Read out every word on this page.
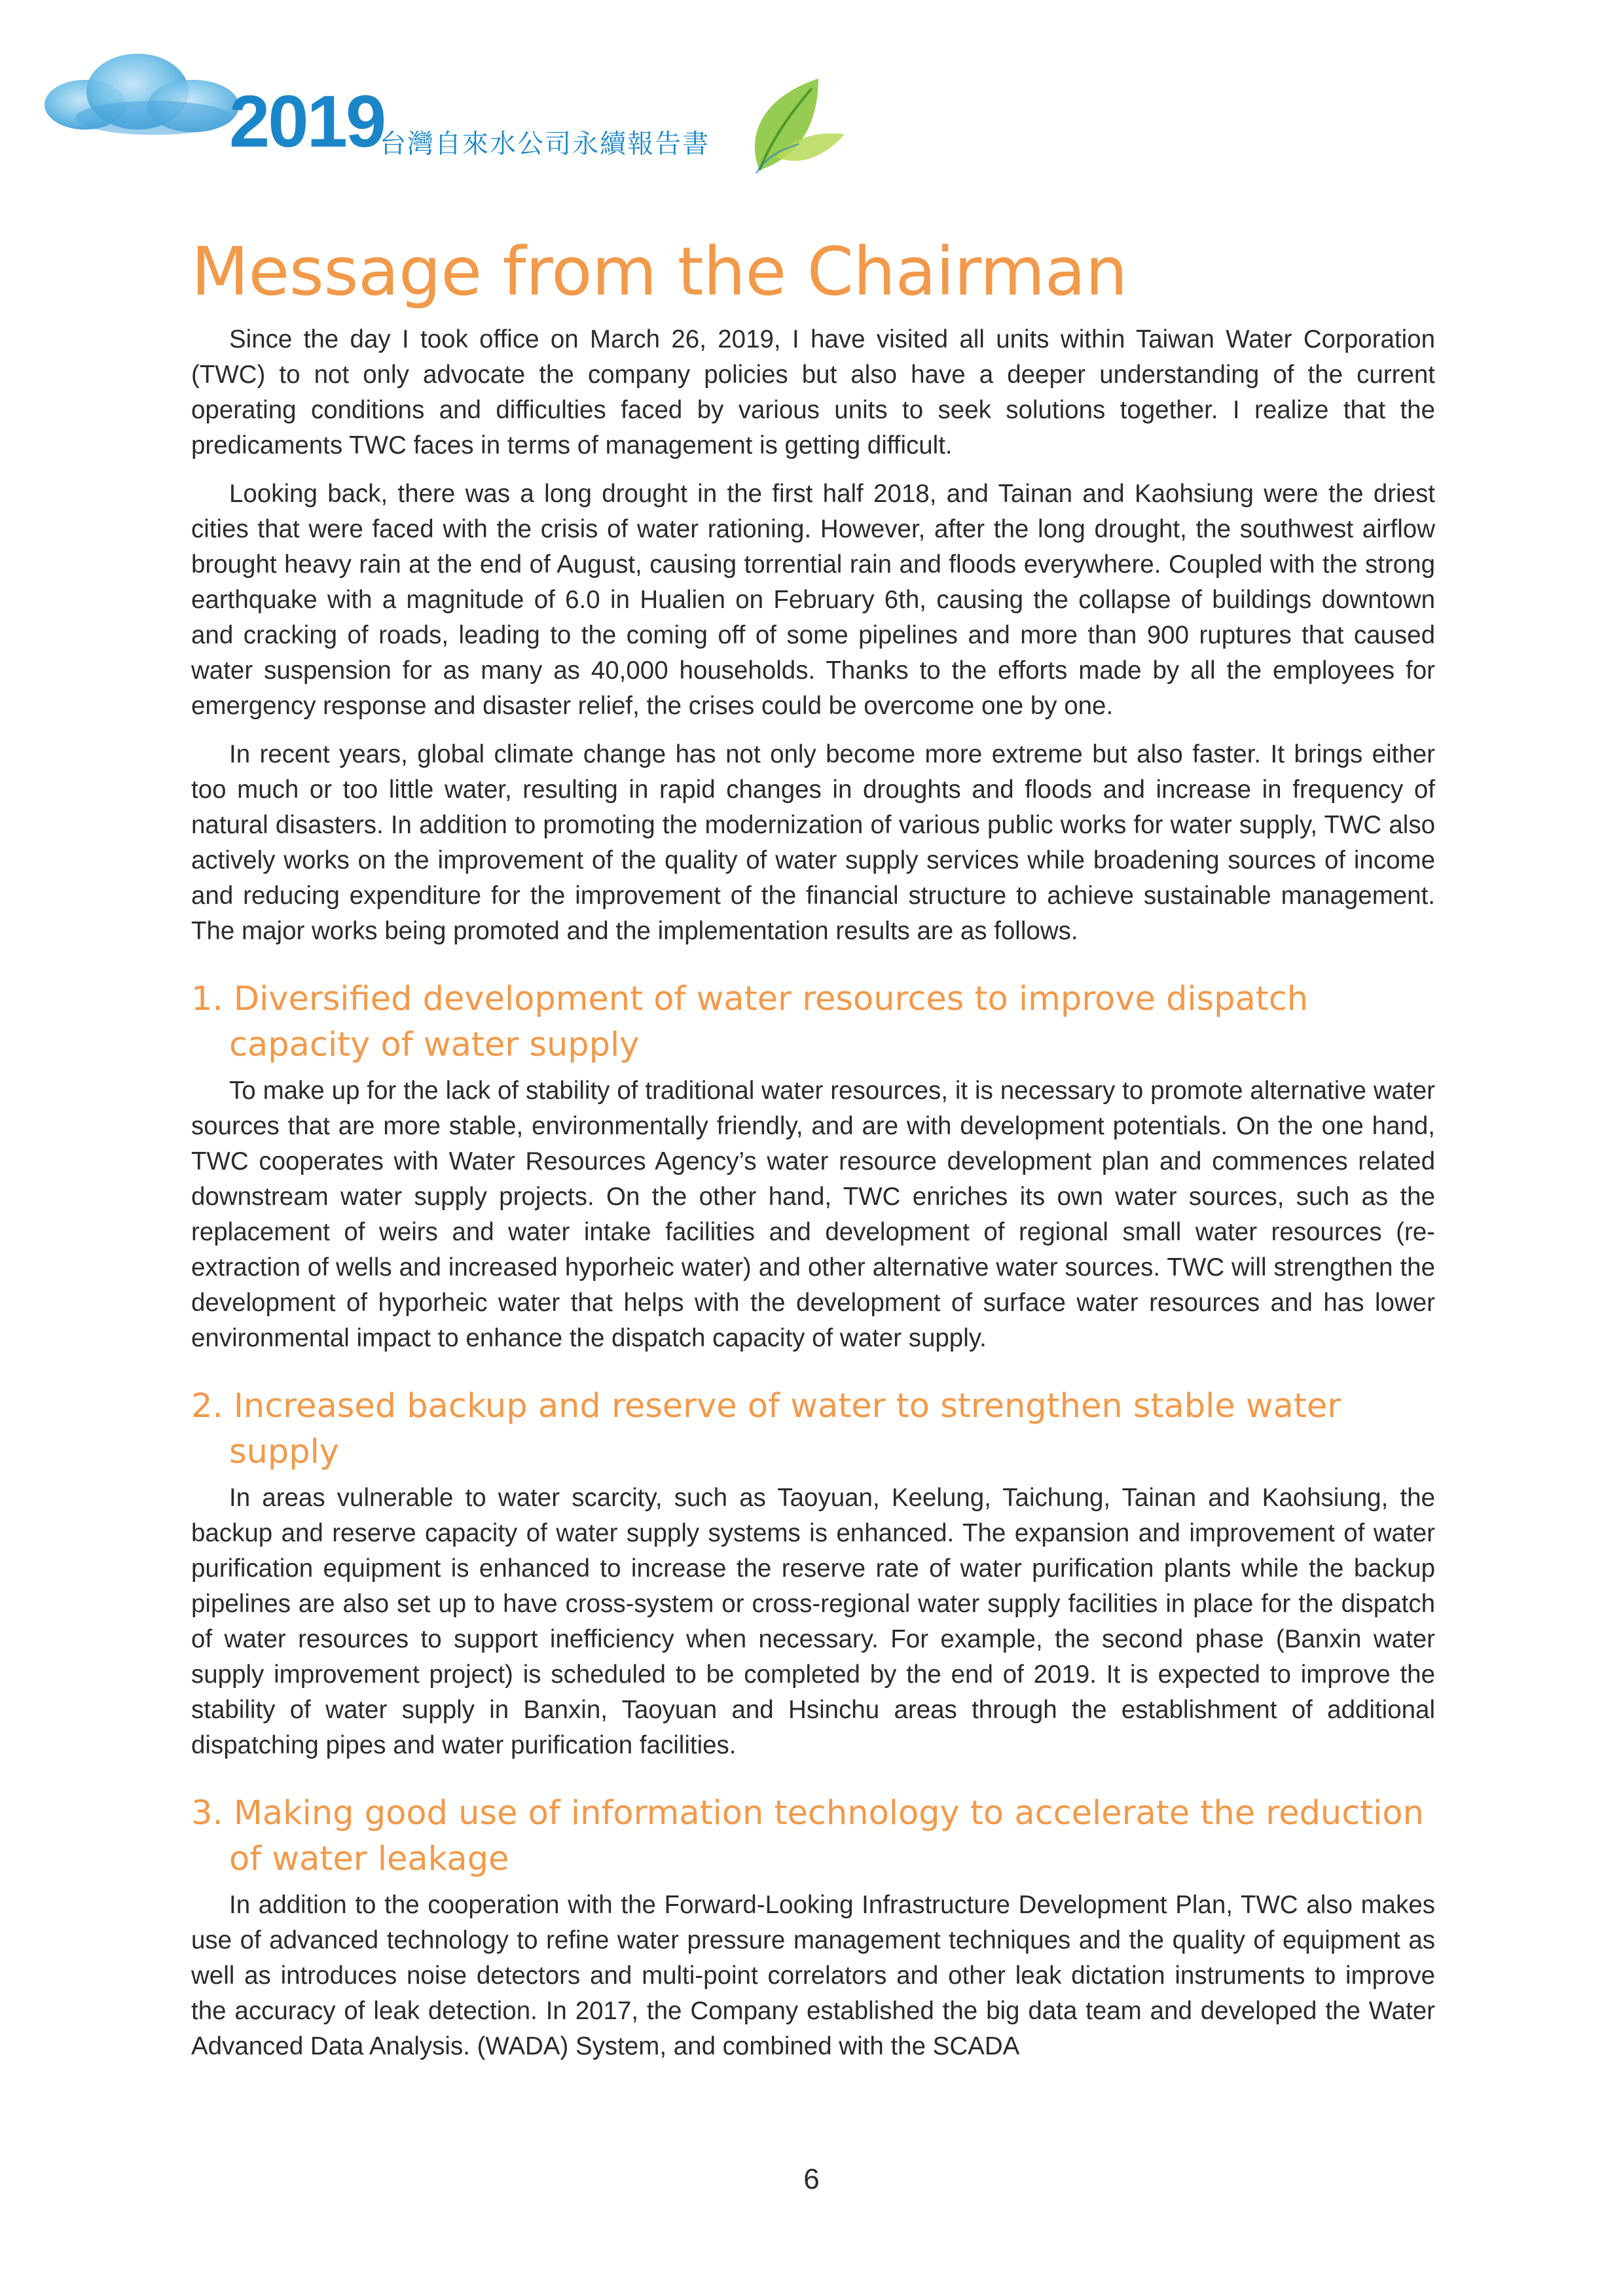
2019
台灣自來水公司永續報告書
Message from the Chairman

Since the day I took office on March 26, 2019, I have visited all units within Taiwan Water Corporation (TWC) to not only advocate the company policies but also have a deeper understanding of the current operating conditions and difficulties faced by various units to seek solutions together. I realize that the predicaments TWC faces in terms of management is getting difficult.

Looking back, there was a long drought in the first half 2018, and Tainan and Kaohsiung were the driest cities that were faced with the crisis of water rationing. However, after the long drought, the southwest airflow brought heavy rain at the end of August, causing torrential rain and floods everywhere. Coupled with the strong earthquake with a magnitude of 6.0 in Hualien on February 6th, causing the collapse of buildings downtown and cracking of roads, leading to the coming off of some pipelines and more than 900 ruptures that caused water suspension for as many as 40,000 households. Thanks to the efforts made by all the employees for emergency response and disaster relief, the crises could be overcome one by one.

In recent years, global climate change has not only become more extreme but also faster. It brings either too much or too little water, resulting in rapid changes in droughts and floods and increase in frequency of natural disasters. In addition to promoting the modernization of various public works for water supply, TWC also actively works on the improvement of the quality of water supply services while broadening sources of income and reducing expenditure for the improvement of the financial structure to achieve sustainable management. The major works being promoted and the implementation results are as follows.

1. Diversified development of water resources to improve dispatch capacity of water supply

To make up for the lack of stability of traditional water resources, it is necessary to promote alternative water sources that are more stable, environmentally friendly, and are with development potentials. On the one hand, TWC cooperates with Water Resources Agency’s water resource development plan and commences related downstream water supply projects. On the other hand, TWC enriches its own water sources, such as the replacement of weirs and water intake facilities and development of regional small water resources (re-extraction of wells and increased hyporheic water) and other alternative water sources. TWC will strengthen the development of hyporheic water that helps with the development of surface water resources and has lower environmental impact to enhance the dispatch capacity of water supply.

2. Increased backup and reserve of water to strengthen stable water supply

In areas vulnerable to water scarcity, such as Taoyuan, Keelung, Taichung, Tainan and Kaohsiung, the backup and reserve capacity of water supply systems is enhanced. The expansion and improvement of water purification equipment is enhanced to increase the reserve rate of water purification plants while the backup pipelines are also set up to have cross-system or cross-regional water supply facilities in place for the dispatch of water resources to support inefficiency when necessary. For example, the second phase (Banxin water supply improvement project) is scheduled to be completed by the end of 2019. It is expected to improve the stability of water supply in Banxin, Taoyuan and Hsinchu areas through the establishment of additional dispatching pipes and water purification facilities.

3. Making good use of information technology to accelerate the reduction of water leakage

In addition to the cooperation with the Forward-Looking Infrastructure Development Plan, TWC also makes use of advanced technology to refine water pressure management techniques and the quality of equipment as well as introduces noise detectors and multi-point correlators and other leak dictation instruments to improve the accuracy of leak detection. In 2017, the Company established the big data team and developed the Water Advanced Data Analysis. (WADA) System, and combined with the SCADA

6
